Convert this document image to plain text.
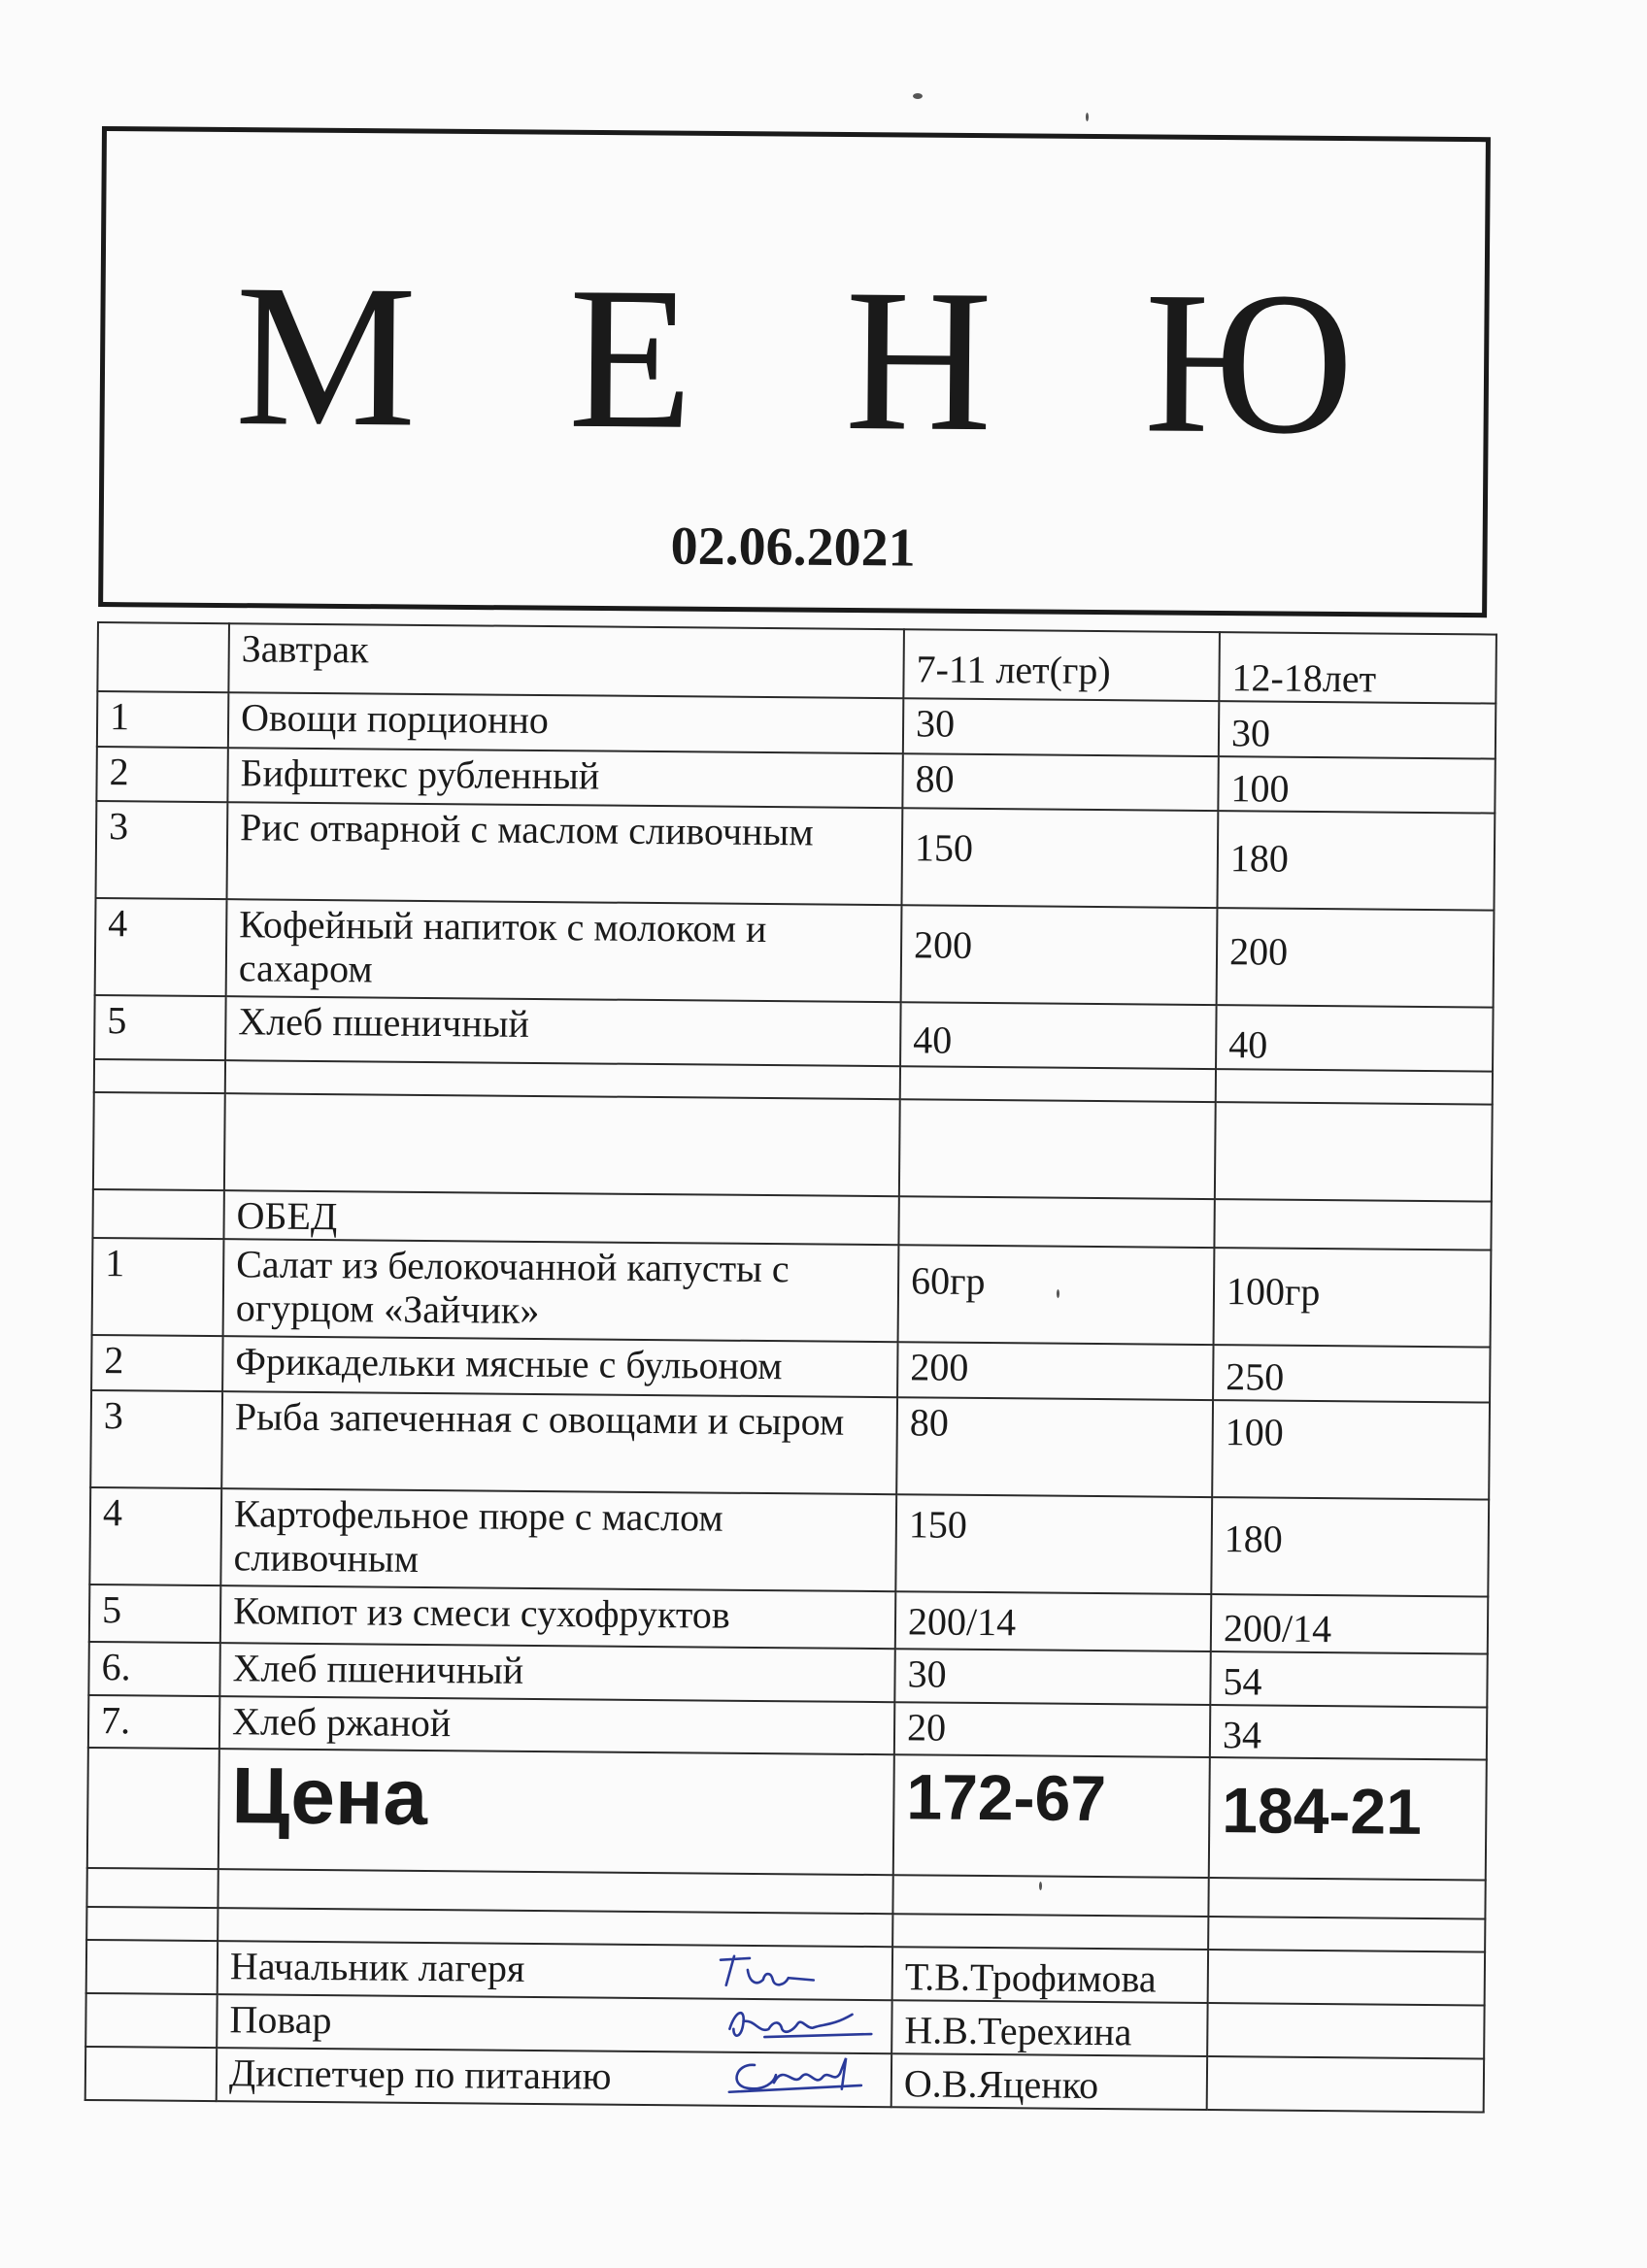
М Е Н Ю
02.06.2021
	Завтрак	7-11 лет(гр)	12-18лет
1	Овощи порционно	30	30
2	Бифштекс рубленный	80	100
3	Рис отварной с маслом сливочным	150	180
4	Кофейный напиток с молоком и сахаром	200	200
5	Хлеб пшеничный	40	40

	ОБЕД		
1	Салат из белокочанной капусты с огурцом «Зайчик»	60гр	100гр
2	Фрикадельки мясные с бульоном	200	250
3	Рыба запеченная с овощами и сыром	80	100
4	Картофельное пюре с маслом сливочным	150	180
5	Компот из смеси сухофруктов	200/14	200/14
6.	Хлеб пшеничный	30	54
7.	Хлеб ржаной	20	34
	Цена	172-67	184-21

	Начальник лагеря	Т.В.Трофимова	
	Повар	Н.В.Терехина	
	Диспетчер по питанию	О.В.Яценко	
